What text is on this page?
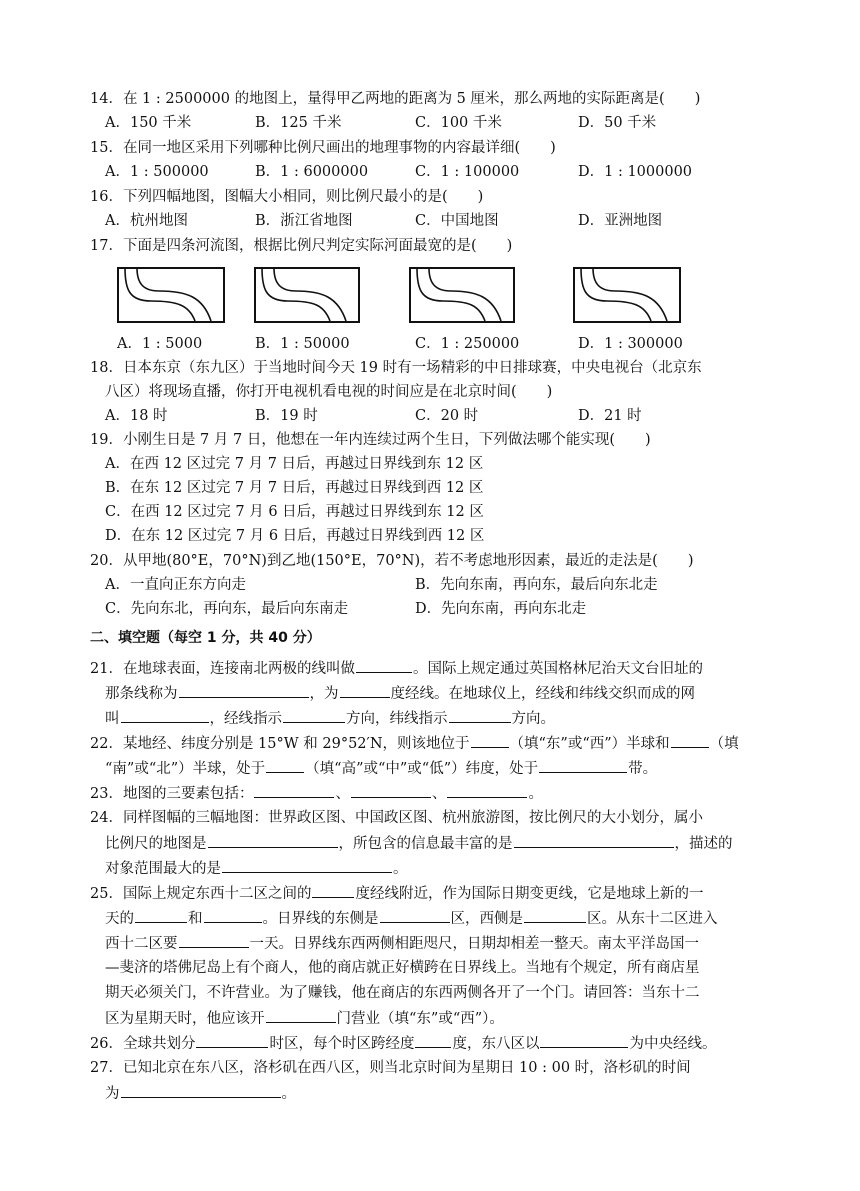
14．在 1 : 2500000 的地图上，量得甲乙两地的距离为 5 厘米，那么两地的实际距离是( )
A．150 千米	B．125 千米	C．100 千米	D．50 千米
15．在同一地区采用下列哪种比例尺画出的地理事物的内容最详细( )
A．1 : 500000	B．1 : 6000000	C．1 : 100000	D．1 : 1000000
16．下列四幅地图，图幅大小相同，则比例尺最小的是( )
A．杭州地图	B．浙江省地图	C．中国地图	D．亚洲地图
17．下面是四条河流图，根据比例尺判定实际河面最宽的是( )
A．1 : 5000	B．1 : 50000	C．1 : 250000	D．1 : 300000
18．日本东京（东九区）于当地时间今天 19 时有一场精彩的中日排球赛，中央电视台（北京东
八区）将现场直播，你打开电视机看电视的时间应是在北京时间( )
A．18 时	B．19 时	C．20 时	D．21 时
19．小刚生日是 7 月 7 日，他想在一年内连续过两个生日，下列做法哪个能实现( )
A．在西 12 区过完 7 月 7 日后，再越过日界线到东 12 区
B．在东 12 区过完 7 月 7 日后，再越过日界线到西 12 区
C．在西 12 区过完 7 月 6 日后，再越过日界线到东 12 区
D．在东 12 区过完 7 月 6 日后，再越过日界线到西 12 区
20．从甲地(80°E，70°N)到乙地(150°E，70°N)，若不考虑地形因素，最近的走法是( )
A．一直向正东方向走	B．先向东南，再向东，最后向东北走
C．先向东北，再向东，最后向东南走	D．先向东南，再向东北走
二、填空题（每空 1 分，共 40 分）
21．在地球表面，连接南北两极的线叫做	。国际上规定通过英国格林尼治天文台旧址的
那条线称为	，为	度经线。在地球仪上，经线和纬线交织而成的网
叫	，经线指示	方向，纬线指示	方向。
22．某地经、纬度分别是 15°W 和 29°52′N，则该地位于	（填“东”或“西”）半球和	（填
“南”或“北”）半球，处于	（填“高”或“中”或“低”）纬度，处于	带。
23．地图的三要素包括：	、	、	。
24．同样图幅的三幅地图：世界政区图、中国政区图、杭州旅游图，按比例尺的大小划分，属小
比例尺的地图是	，所包含的信息最丰富的是	，描述的
对象范围最大的是	。
25．国际上规定东西十二区之间的	度经线附近，作为国际日期变更线，它是地球上新的一
天的	和	。日界线的东侧是	区，西侧是	区。从东十二区进入
西十二区要	一天。日界线东西两侧相距咫尺，日期却相差一整天。南太平洋岛国一
—斐济的塔佛尼岛上有个商人，他的商店就正好横跨在日界线上。当地有个规定，所有商店星
期天必须关门，不许营业。为了赚钱，他在商店的东西两侧各开了一个门。请回答：当东十二
区为星期天时，他应该开	门营业（填“东”或“西”）。
26．全球共划分	时区，每个时区跨经度	度，东八区以	为中央经线。
27．已知北京在东八区，洛杉矶在西八区，则当北京时间为星期日 10 : 00 时，洛杉矶的时间
为	。
